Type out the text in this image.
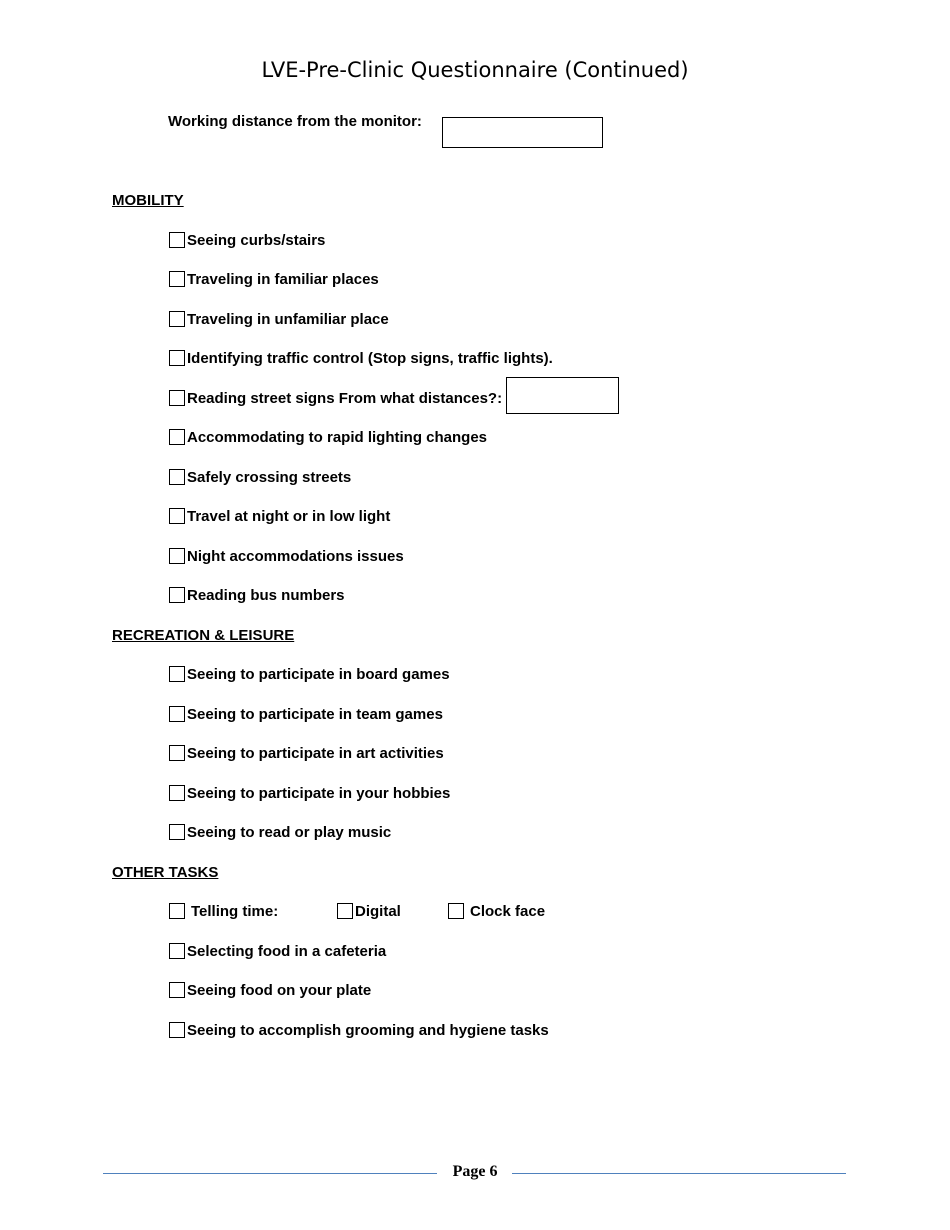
LVE-Pre-Clinic Questionnaire (Continued)
Working distance from the monitor:
MOBILITY
Seeing curbs/stairs
Traveling in familiar places
Traveling in unfamiliar place
Identifying traffic control (Stop signs, traffic lights).
Reading street signs From what distances?:
Accommodating to rapid lighting changes
Safely crossing streets
Travel at night or in low light
Night accommodations issues
Reading bus numbers
RECREATION & LEISURE
Seeing to participate in board games
Seeing to participate in team games
Seeing to participate in art activities
Seeing to participate in your hobbies
Seeing to read or play music
OTHER TASKS
Telling time:	Digital	Clock face
Selecting food in a cafeteria
Seeing food on your plate
Seeing to accomplish grooming and hygiene tasks
Page 6
